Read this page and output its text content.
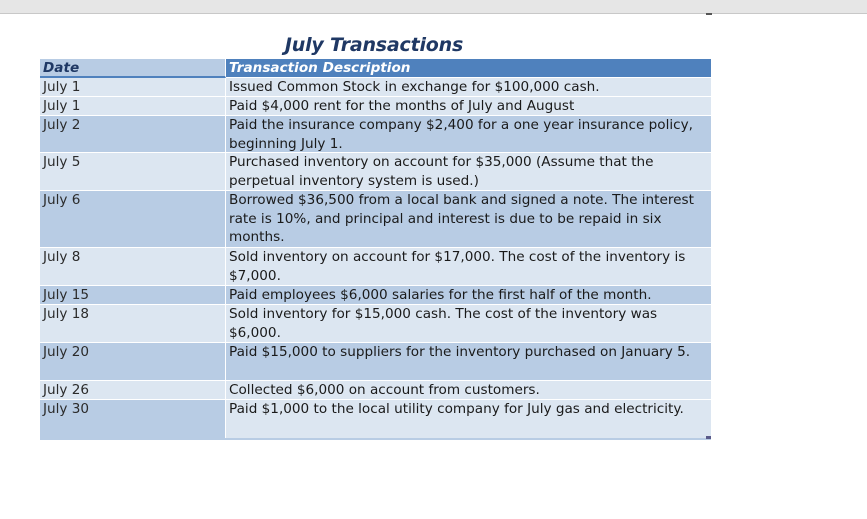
July Transactions
Date	Transaction Description
July 1	Issued Common Stock in exchange for $100,000 cash.
July 1	Paid $4,000 rent for the months of July and August
July 2	Paid the insurance company $2,400 for a one year insurance policy, beginning July 1.
July 5	Purchased inventory on account for $35,000 (Assume that the perpetual inventory system is used.)
July 6	Borrowed $36,500 from a local bank and signed a note. The interest rate is 10%, and principal and interest is due to be repaid in six months.
July 8	Sold inventory on account for $17,000. The cost of the inventory is $7,000.
July 15	Paid employees $6,000 salaries for the first half of the month.
July 18	Sold inventory for $15,000 cash. The cost of the inventory was $6,000.
July 20	Paid $15,000 to suppliers for the inventory purchased on January 5.
July 26	Collected $6,000 on account from customers.
July 30	Paid $1,000 to the local utility company for July gas and electricity.
